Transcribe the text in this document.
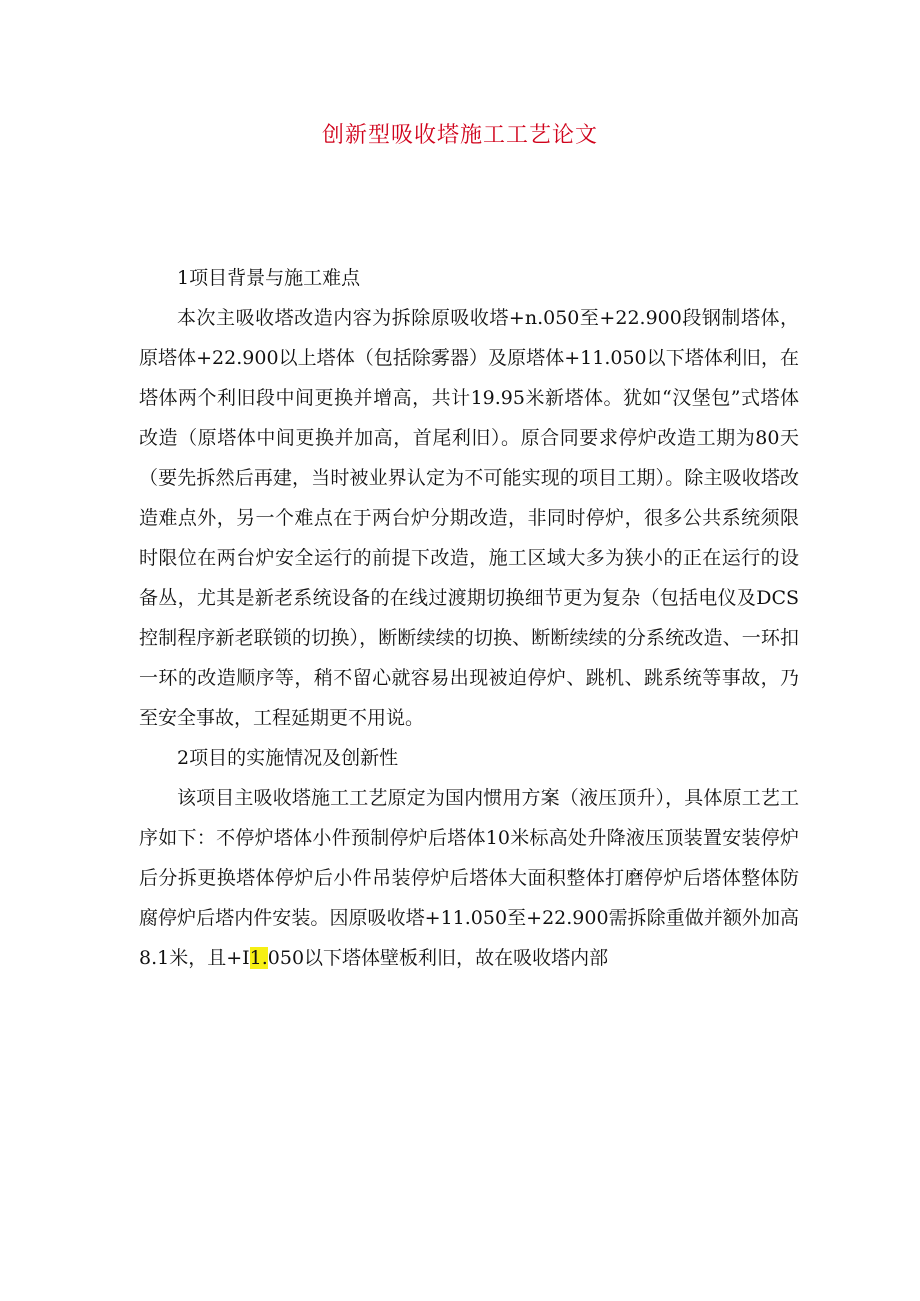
创新型吸收塔施工工艺论文

1项目背景与施工难点

本次主吸收塔改造内容为拆除原吸收塔+n.050至+22.900段钢制塔体，原塔体+22.900以上塔体（包括除雾器）及原塔体+11.050以下塔体利旧，在塔体两个利旧段中间更换并增高，共计19.95米新塔体。犹如“汉堡包”式塔体改造（原塔体中间更换并加高，首尾利旧）。原合同要求停炉改造工期为80天（要先拆然后再建，当时被业界认定为不可能实现的项目工期）。除主吸收塔改造难点外，另一个难点在于两台炉分期改造，非同时停炉，很多公共系统须限时限位在两台炉安全运行的前提下改造，施工区域大多为狭小的正在运行的设备丛，尤其是新老系统设备的在线过渡期切换细节更为复杂（包括电仪及DCS控制程序新老联锁的切换），断断续续的切换、断断续续的分系统改造、一环扣一环的改造顺序等，稍不留心就容易出现被迫停炉、跳机、跳系统等事故，乃至安全事故，工程延期更不用说。

2项目的实施情况及创新性

该项目主吸收塔施工工艺原定为国内惯用方案（液压顶升），具体原工艺工序如下：不停炉塔体小件预制停炉后塔体10米标高处升降液压顶装置安装停炉后分拆更换塔体停炉后小件吊装停炉后塔体大面积整体打磨停炉后塔体整体防腐停炉后塔内件安装。因原吸收塔+11.050至+22.900需拆除重做并额外加高8.1米，且+I1.050以下塔体壁板利旧，故在吸收塔内部
